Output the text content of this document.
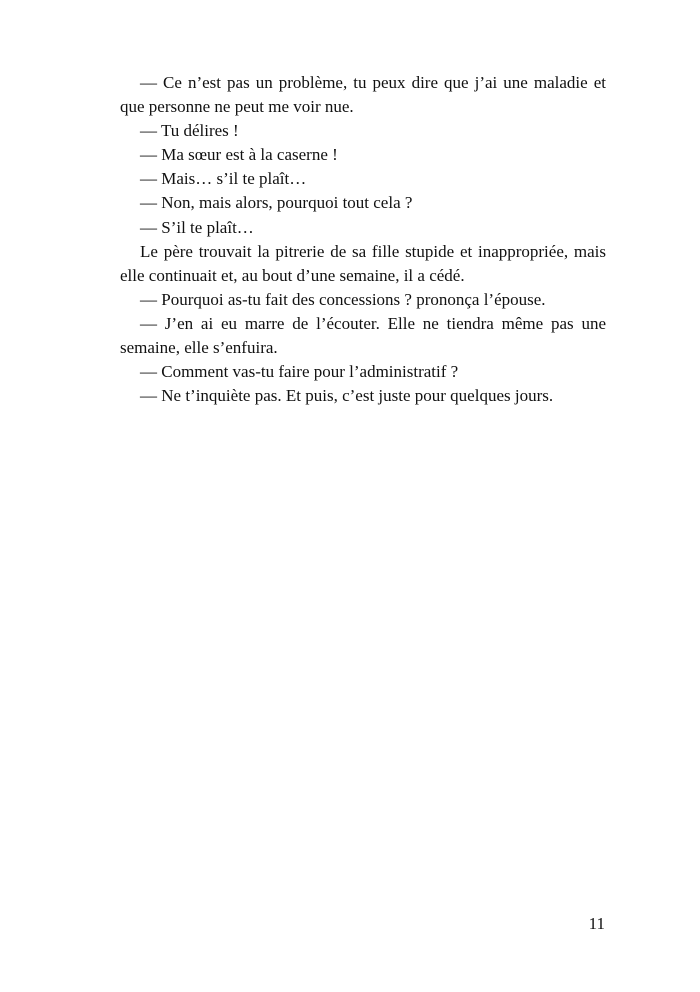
— Ce n’est pas un problème, tu peux dire que j’ai une maladie et que personne ne peut me voir nue.

— Tu délires !

— Ma sœur est à la caserne !

— Mais… s’il te plaît…

— Non, mais alors, pourquoi tout cela ?

— S’il te plaît…

Le père trouvait la pitrerie de sa fille stupide et inappropriée, mais elle continuait et, au bout d’une semaine, il a cédé.

— Pourquoi as-tu fait des concessions ? prononça l’épouse.

— J’en ai eu marre de l’écouter. Elle ne tiendra même pas une semaine, elle s’enfuira.

— Comment vas-tu faire pour l’administratif ?

— Ne t’inquiète pas. Et puis, c’est juste pour quelques jours.

11
